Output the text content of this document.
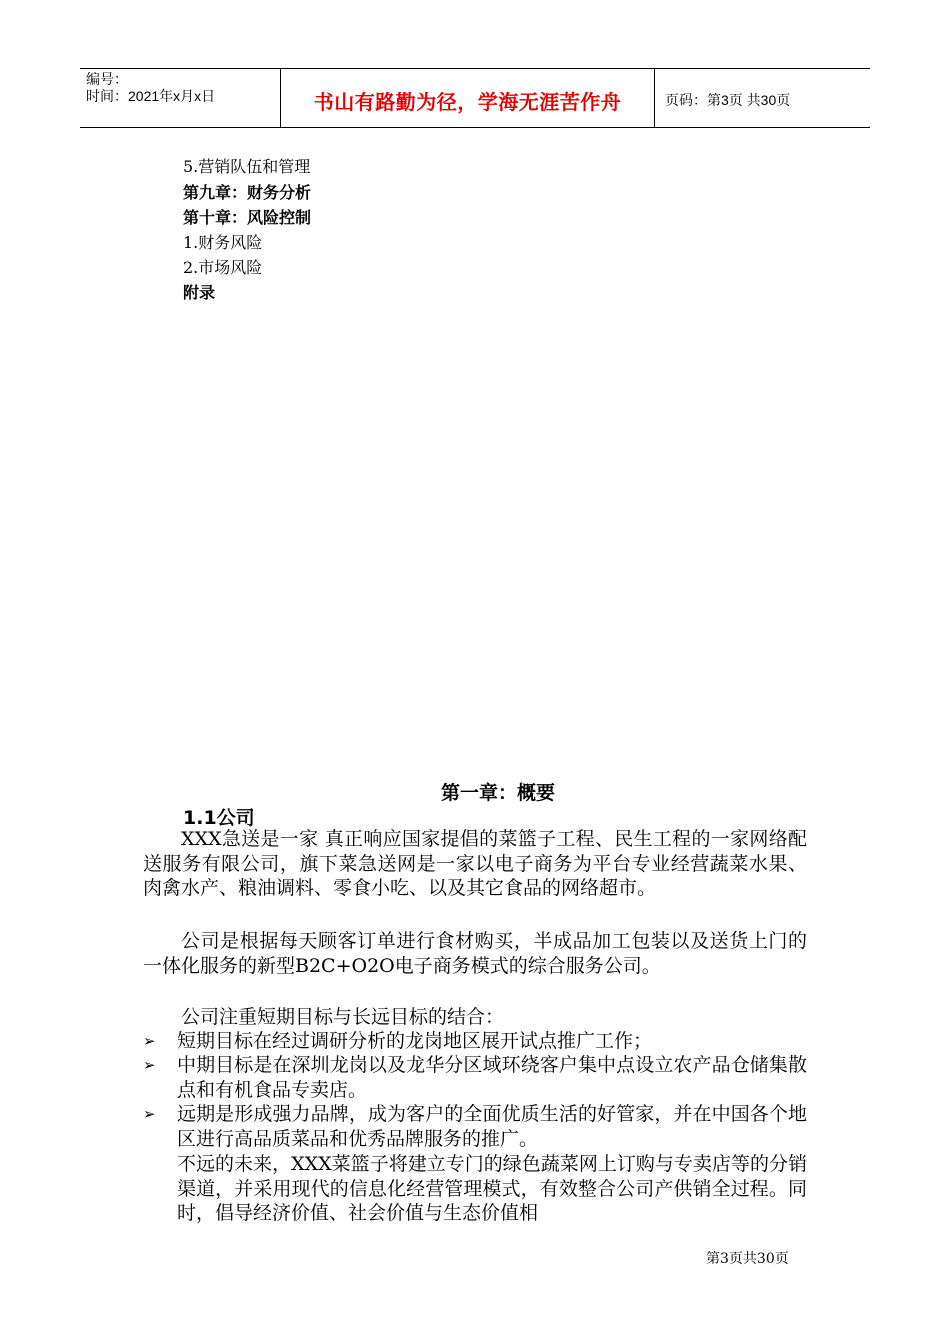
编号：
时间：2021年x月x日	书山有路勤为径，学海无涯苦作舟	页码：第3页 共30页
5.营销队伍和管理
第九章：财务分析
第十章：风险控制
1.财务风险
2.市场风险
附录
第一章：概要
1.1公司
XXX急送是一家 真正响应国家提倡的菜篮子工程、民生工程的一家网络配送服务有限公司，旗下菜急送网是一家以电子商务为平台专业经营蔬菜水果、肉禽水产、粮油调料、零食小吃、以及其它食品的网络超市。
公司是根据每天顾客订单进行食材购买，半成品加工包装以及送货上门的一体化服务的新型B2C+O2O电子商务模式的综合服务公司。
公司注重短期目标与长远目标的结合：
➢	短期目标在经过调研分析的龙岗地区展开试点推广工作；
➢	中期目标是在深圳龙岗以及龙华分区域环绕客户集中点设立农产品仓储集散点和有机食品专卖店。
➢	远期是形成强力品牌，成为客户的全面优质生活的好管家，并在中国各个地区进行高品质菜品和优秀品牌服务的推广。
不远的未来，XXX菜篮子将建立专门的绿色蔬菜网上订购与专卖店等的分销渠道，并采用现代的信息化经营管理模式，有效整合公司产供销全过程。同时，倡导经济价值、社会价值与生态价值相
第3页共30页
